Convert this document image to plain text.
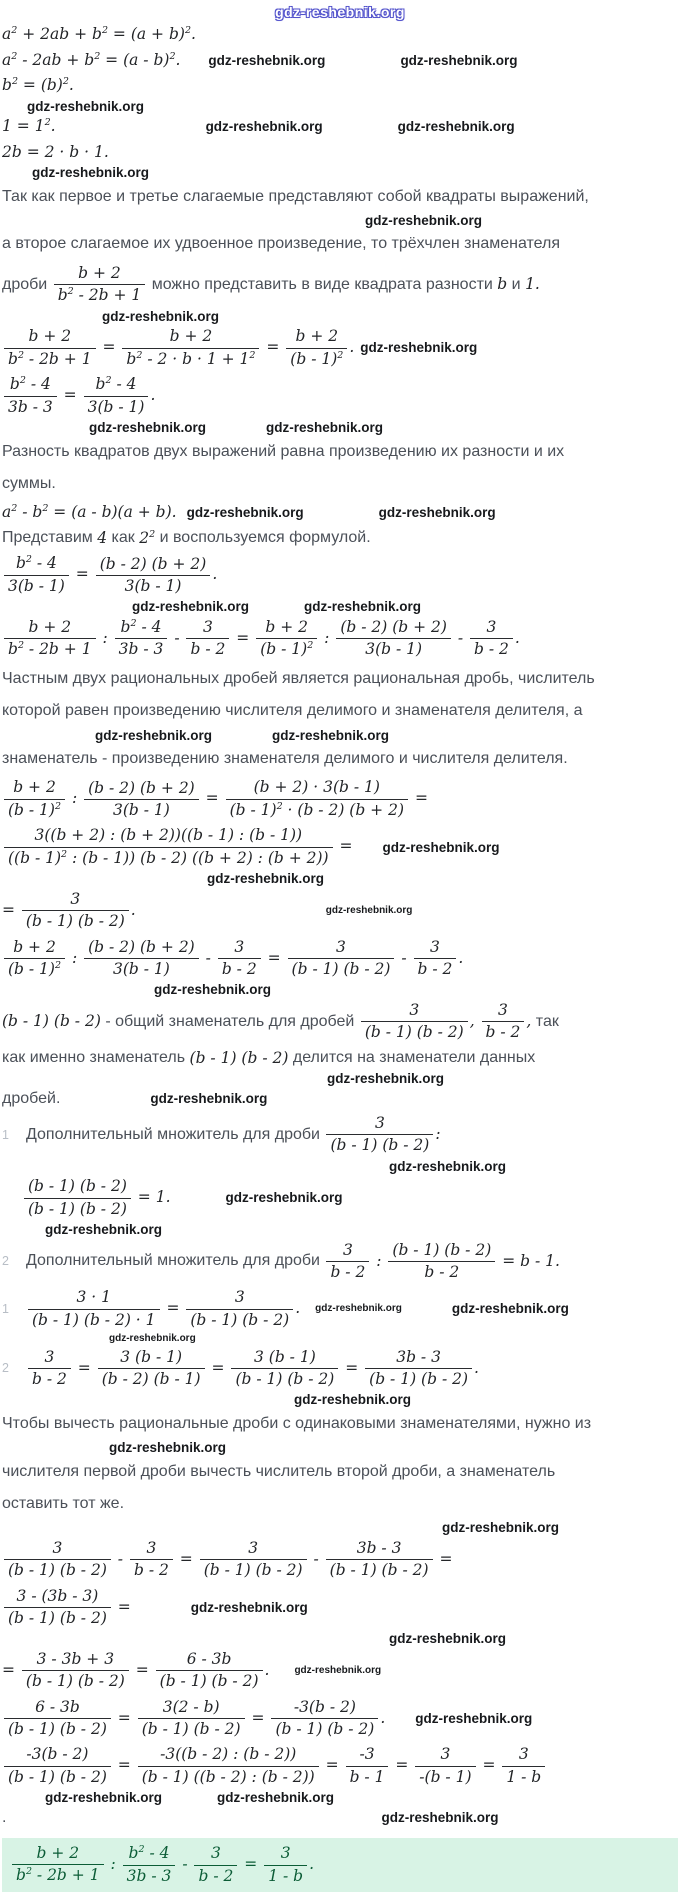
gdz-reshebnik.org
$a^2 + 2ab + b^2 = (a + b)^2$.
$a^2 - 2ab + b^2 = (a - b)^2$. gdz-reshebnik.org	gdz-reshebnik.org
$b^2 = (b)^2$.
gdz-reshebnik.org
$1 = 1^2$.	gdz-reshebnik.org	gdz-reshebnik.org
2b = 2 · b · 1.
gdz-reshebnik.org
Так как первое и третье слагаемые представляют собой квадраты выражений,
gdz-reshebnik.org
а второе слагаемое их удвоенное произведение, то трёхчлен знаменателя
дроби $\frac{b + 2}{b^2 - 2b + 1}$ можно представить в виде квадрата разности b и 1.
gdz-reshebnik.org
$\frac{b + 2}{b^2 - 2b + 1} = \frac{b + 2}{b^2 - 2 \cdot b \cdot 1 + 1^2} = \frac{b + 2}{(b - 1)^2}$ . gdz-reshebnik.org
$\frac{b^2 - 4}{3b - 3} = \frac{b^2 - 4}{3(b - 1)}$ .
gdz-reshebnik.org	gdz-reshebnik.org
Разность квадратов двух выражений равна произведению их разности и их
суммы.
$a^2 - b^2 = (a - b)(a + b)$. gdz-reshebnik.org	gdz-reshebnik.org
Представим 4 как $2^2$ и воспользуемся формулой.
$\frac{b^2 - 4}{3(b - 1)} = \frac{(b - 2) (b + 2)}{3(b - 1)}$ .
gdz-reshebnik.org	gdz-reshebnik.org
$\frac{b + 2}{b^2 - 2b + 1}$ : $\frac{b^2 - 4}{3b - 3} - \frac{3}{b - 2} = \frac{b + 2}{(b - 1)^2}$ : $\frac{(b - 2) (b + 2)}{3(b - 1)} - \frac{3}{b - 2}$ .
Частным двух рациональных дробей является рациональная дробь, числитель
которой равен произведению числителя делимого и знаменателя делителя, а
gdz-reshebnik.org	gdz-reshebnik.org
знаменатель - произведению знаменателя делимого и числителя делителя.
$\frac{b + 2}{(b - 1)^2}$ : $\frac{(b - 2) (b + 2)}{3(b - 1)} = \frac{(b + 2) \cdot 3(b - 1)}{(b - 1)^2 \cdot (b - 2) (b + 2)}$ =
$\frac{3((b + 2) : (b + 2))((b - 1) : (b - 1))}{((b - 1)^2 : (b - 1)) (b - 2) ((b + 2) : (b + 2))}$ = gdz-reshebnik.org
gdz-reshebnik.org
= $\frac{3}{(b - 1) (b - 2)}$ .	gdz-reshebnik.org
$\frac{b + 2}{(b - 1)^2}$ : $\frac{(b - 2) (b + 2)}{3(b - 1)} - \frac{3}{b - 2} = \frac{3}{(b - 1) (b - 2)} - \frac{3}{b - 2}$ .
gdz-reshebnik.org
(b - 1) (b - 2) - общий знаменатель для дробей $\frac{3}{(b - 1) (b - 2)}$ , $\frac{3}{b - 2}$ , так
как именно знаменатель (b - 1) (b - 2) делится на знаменатели данных
gdz-reshebnik.org
дробей.	gdz-reshebnik.org
1	Дополнительный множитель для дроби $\frac{3}{(b - 1) (b - 2)}$ :
gdz-reshebnik.org
$\frac{(b - 1) (b - 2)}{(b - 1) (b - 2)} = 1$.	gdz-reshebnik.org
gdz-reshebnik.org
2	Дополнительный множитель для дроби $\frac{3}{b - 2}$ : $\frac{(b - 1) (b - 2)}{b - 2} = b - 1$.
1	$\frac{3 \cdot 1}{(b - 1) (b - 2) \cdot 1} = \frac{3}{(b - 1) (b - 2)}$ . gdz-reshebnik.org	gdz-reshebnik.org
gdz-reshebnik.org
2	$\frac{3}{b - 2} = \frac{3 (b - 1)}{(b - 2) (b - 1)} = \frac{3 (b - 1)}{(b - 1) (b - 2)} = \frac{3b - 3}{(b - 1) (b - 2)}$ .
gdz-reshebnik.org
Чтобы вычесть рациональные дроби с одинаковыми знаменателями, нужно из
gdz-reshebnik.org
числителя первой дроби вычесть числитель второй дроби, а знаменатель
оставить тот же.
gdz-reshebnik.org
$\frac{3}{(b - 1) (b - 2)} - \frac{3}{b - 2} = \frac{3}{(b - 1) (b - 2)} - \frac{3b - 3}{(b - 1) (b - 2)}$ =
$\frac{3 - (3b - 3)}{(b - 1) (b - 2)}$ =	gdz-reshebnik.org
gdz-reshebnik.org
= $\frac{3 - 3b + 3}{(b - 1) (b - 2)} = \frac{6 - 3b}{(b - 1) (b - 2)}$ .	gdz-reshebnik.org
$\frac{6 - 3b}{(b - 1) (b - 2)} = \frac{3(2 - b)}{(b - 1) (b - 2)} = \frac{-3(b - 2)}{(b - 1) (b - 2)}$ . gdz-reshebnik.org
$\frac{-3(b - 2)}{(b - 1) (b - 2)} = \frac{-3((b - 2) : (b - 2))}{(b - 1) ((b - 2) : (b - 2))} = \frac{-3}{b - 1} = \frac{3}{-(b - 1)} = \frac{3}{1 - b}$
gdz-reshebnik.org	gdz-reshebnik.org
.	gdz-reshebnik.org
$\frac{b + 2}{b^2 - 2b + 1}$ : $\frac{b^2 - 4}{3b - 3} - \frac{3}{b - 2} = \frac{3}{1 - b}$ .
